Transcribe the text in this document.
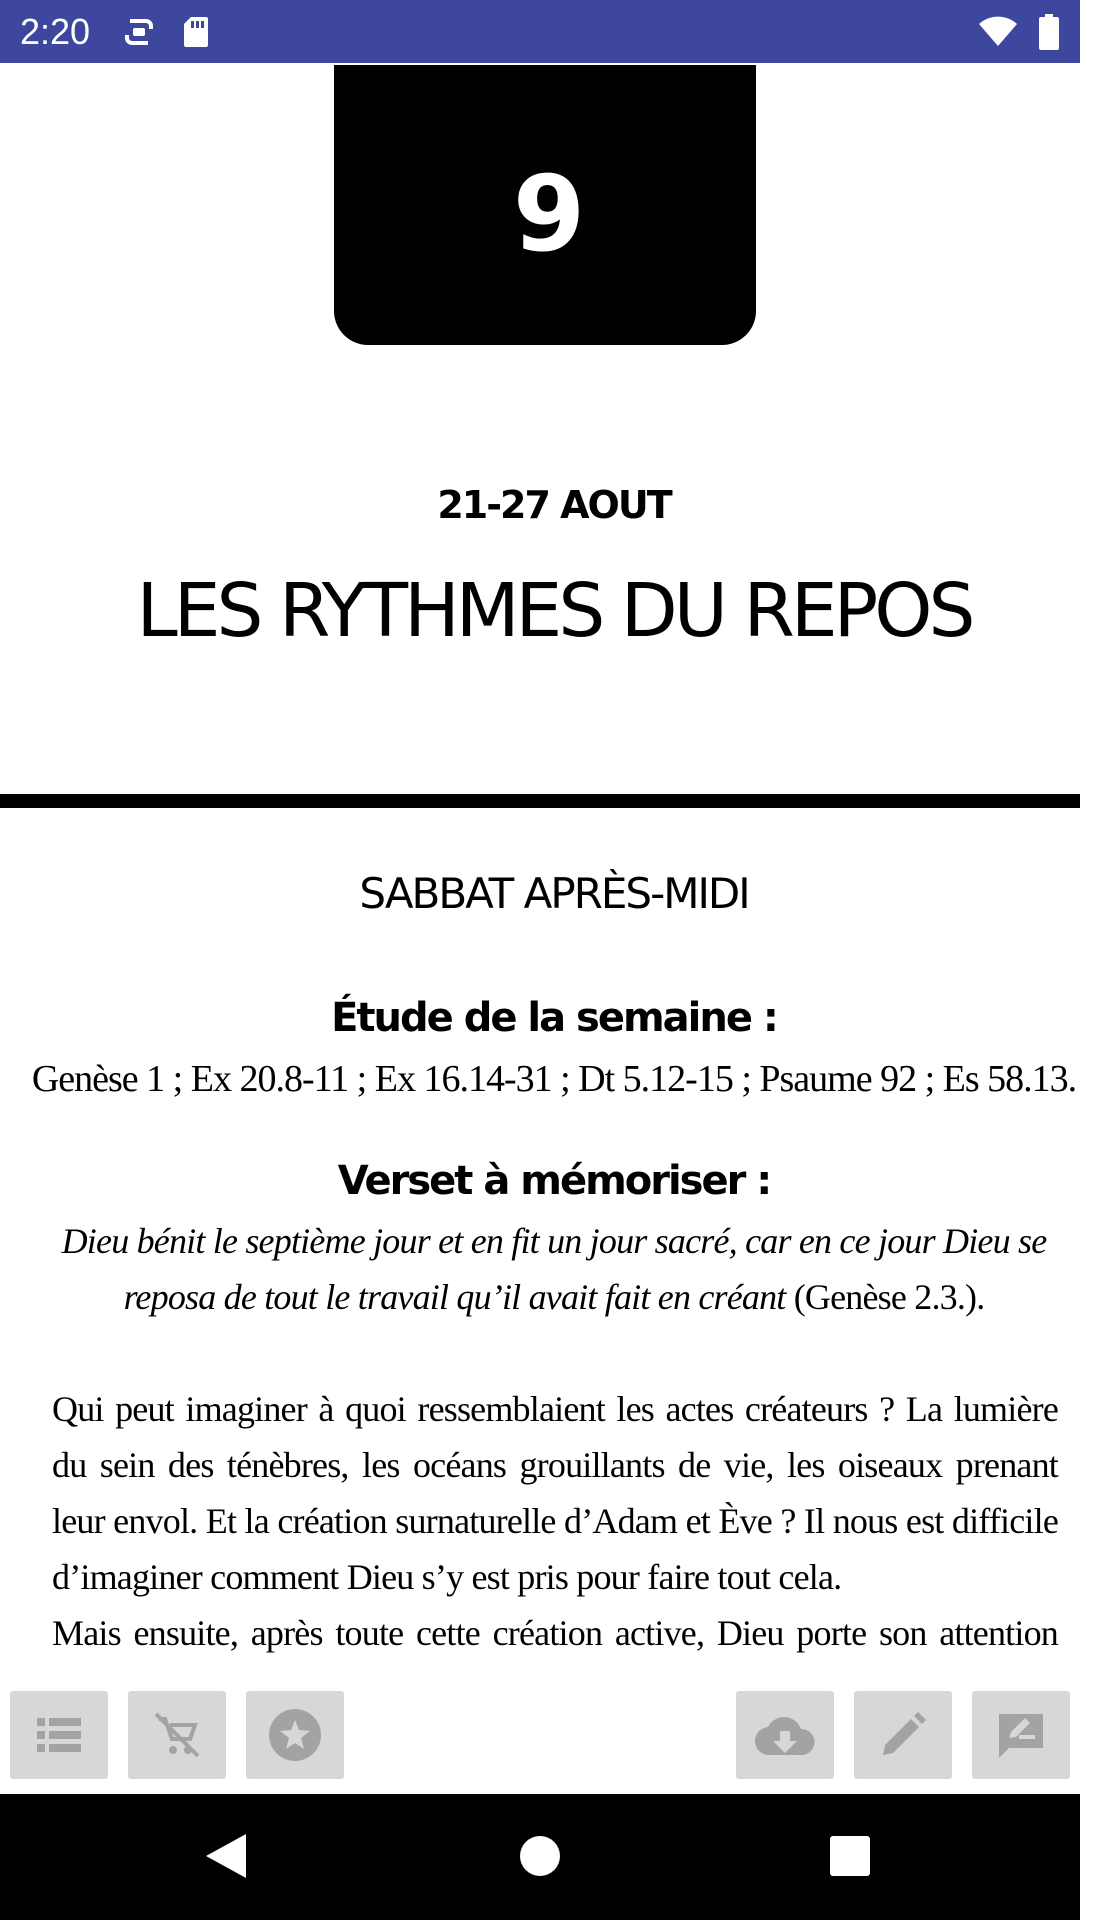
2:20
9
21-27 AOUT
LES RYTHMES DU REPOS
SABBAT APRÈS-MIDI
Étude de la semaine :
Genèse 1 ; Ex 20.8-11 ; Ex 16.14-31 ; Dt 5.12-15 ; Psaume 92 ; Es 58.13.
Verset à mémoriser :
Dieu bénit le septième jour et en fit un jour sacré, car en ce jour Dieu se reposa de tout le travail qu’il avait fait en créant (Genèse 2.3.).

Qui peut imaginer à quoi ressemblaient les actes créateurs ? La lumière du sein des ténèbres, les océans grouillants de vie, les oiseaux prenant leur envol. Et la création surnaturelle d’Adam et Ève ? Il nous est difficile d’imaginer comment Dieu s’y est pris pour faire tout cela.

Mais ensuite, après toute cette création active, Dieu porte son attention
